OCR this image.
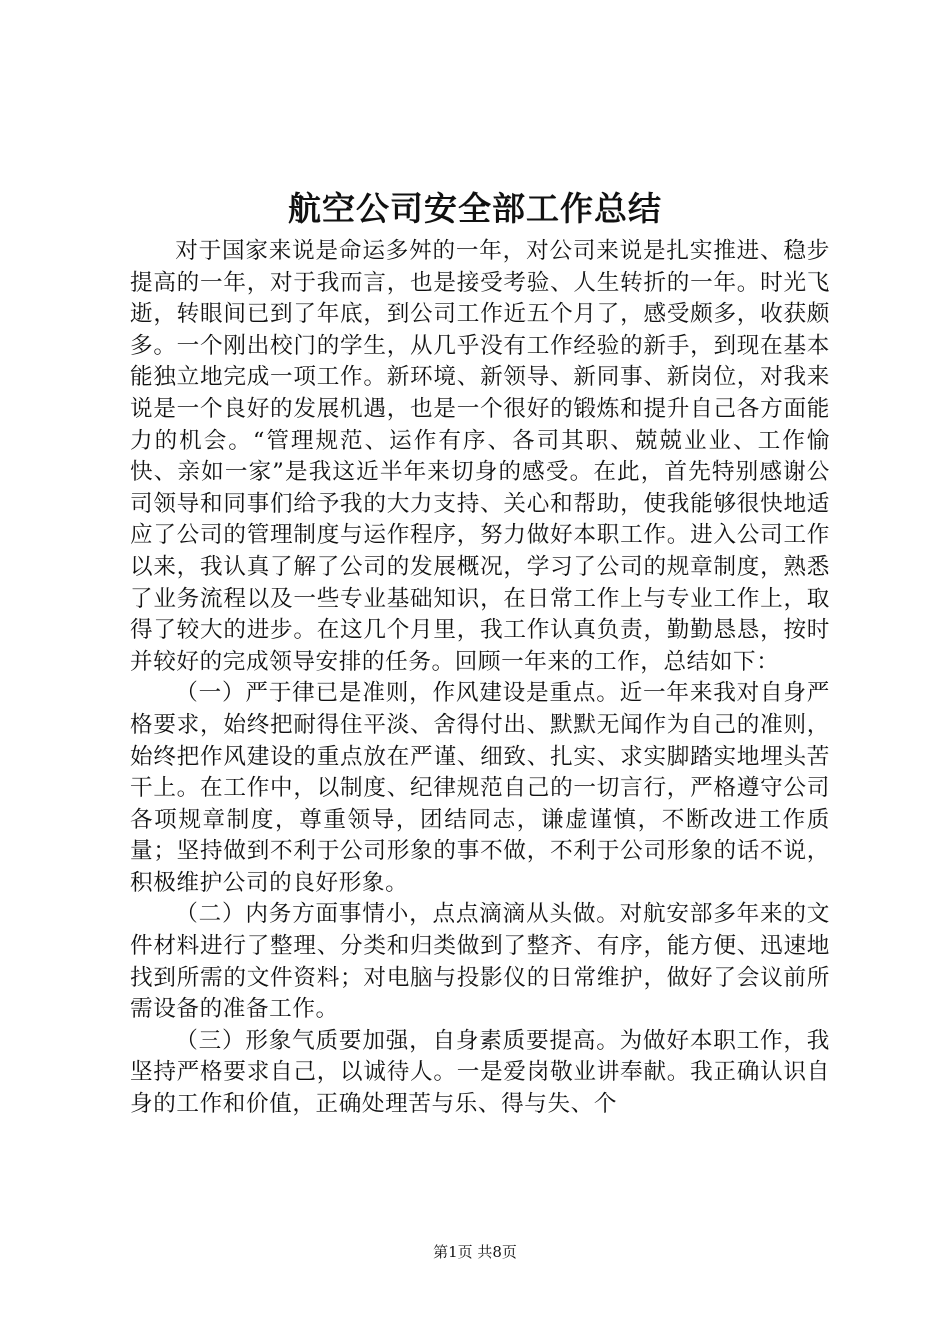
航空公司安全部工作总结

对于国家来说是命运多舛的一年，对公司来说是扎实推进、稳步提高的一年，对于我而言，也是接受考验、人生转折的一年。时光飞逝，转眼间已到了年底，到公司工作近五个月了，感受颇多，收获颇多。一个刚出校门的学生，从几乎没有工作经验的新手，到现在基本能独立地完成一项工作。新环境、新领导、新同事、新岗位，对我来说是一个良好的发展机遇，也是一个很好的锻炼和提升自己各方面能力的机会。“管理规范、运作有序、各司其职、兢兢业业、工作愉快、亲如一家”是我这近半年来切身的感受。在此，首先特别感谢公司领导和同事们给予我的大力支持、关心和帮助，使我能够很快地适应了公司的管理制度与运作程序，努力做好本职工作。进入公司工作以来，我认真了解了公司的发展概况，学习了公司的规章制度，熟悉了业务流程以及一些专业基础知识，在日常工作上与专业工作上，取得了较大的进步。在这几个月里，我工作认真负责，勤勤恳恳，按时并较好的完成领导安排的任务。回顾一年来的工作，总结如下：

（一）严于律已是准则，作风建设是重点。近一年来我对自身严格要求，始终把耐得住平淡、舍得付出、默默无闻作为自己的准则，始终把作风建设的重点放在严谨、细致、扎实、求实脚踏实地埋头苦干上。在工作中，以制度、纪律规范自己的一切言行，严格遵守公司各项规章制度，尊重领导，团结同志，谦虚谨慎，不断改进工作质量；坚持做到不利于公司形象的事不做，不利于公司形象的话不说，积极维护公司的良好形象。

（二）内务方面事情小，点点滴滴从头做。对航安部多年来的文件材料进行了整理、分类和归类做到了整齐、有序，能方便、迅速地找到所需的文件资料；对电脑与投影仪的日常维护，做好了会议前所需设备的准备工作。

（三）形象气质要加强，自身素质要提高。为做好本职工作，我坚持严格要求自己，以诚待人。一是爱岗敬业讲奉献。我正确认识自身的工作和价值，正确处理苦与乐、得与失、个

第1页 共8页
